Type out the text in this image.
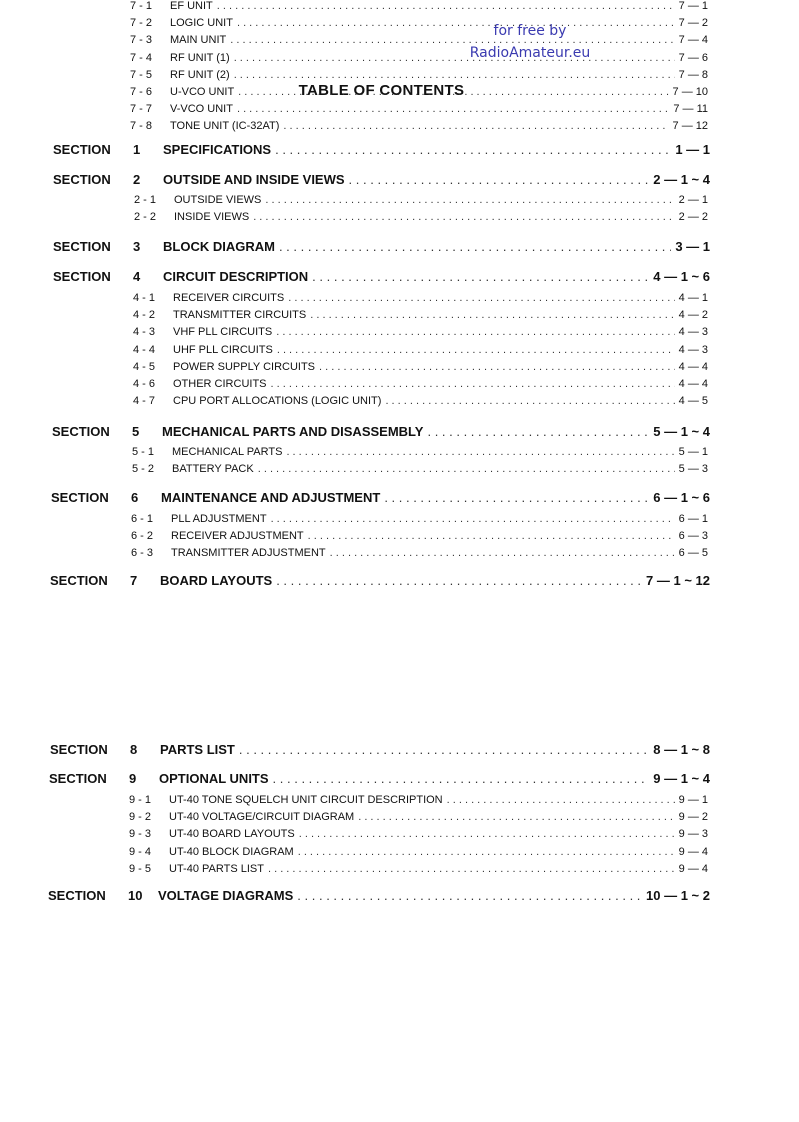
for free by
RadioAmateur.eu
TABLE OF CONTENTS
SECTION	1	SPECIFICATIONS . . .	1 — 1
SECTION	2	OUTSIDE AND INSIDE VIEWS . . .	2 — 1 ~ 4
2 - 1	OUTSIDE VIEWS . . .	2 — 1
2 - 2	INSIDE VIEWS . . .	2 — 2
SECTION	3	BLOCK DIAGRAM . . .	3 — 1
SECTION	4	CIRCUIT DESCRIPTION . . .	4 — 1 ~ 6
4 - 1	RECEIVER CIRCUITS . . .	4 — 1
4 - 2	TRANSMITTER CIRCUITS . . .	4 — 2
4 - 3	VHF PLL CIRCUITS . . .	4 — 3
4 - 4	UHF PLL CIRCUITS . . .	4 — 3
4 - 5	POWER SUPPLY CIRCUITS . . .	4 — 4
4 - 6	OTHER CIRCUITS . . .	4 — 4
4 - 7	CPU PORT ALLOCATIONS (LOGIC UNIT) . . .	4 — 5
SECTION	5	MECHANICAL PARTS AND DISASSEMBLY . . .	5 — 1 ~ 4
5 - 1	MECHANICAL PARTS . . .	5 — 1
5 - 2	BATTERY PACK . . .	5 — 3
SECTION	6	MAINTENANCE AND ADJUSTMENT . . .	6 — 1 ~ 6
6 - 1	PLL ADJUSTMENT . . .	6 — 1
6 - 2	RECEIVER ADJUSTMENT . . .	6 — 3
6 - 3	TRANSMITTER ADJUSTMENT . . .	6 — 5
SECTION	7	BOARD LAYOUTS . . .	7 — 1 ~ 12
7 - 1	EF UNIT . . .	7 — 1
7 - 2	LOGIC UNIT . . .	7 — 2
7 - 3	MAIN UNIT . . .	7 — 4
7 - 4	RF UNIT (1) . . .	7 — 6
7 - 5	RF UNIT (2) . . .	7 — 8
7 - 6	U-VCO UNIT . . .	7 — 10
7 - 7	V-VCO UNIT . . .	7 — 11
7 - 8	TONE UNIT (IC-32AT) . . .	7 — 12
SECTION	8	PARTS LIST . . .	8 — 1 ~ 8
SECTION	9	OPTIONAL UNITS . . .	9 — 1 ~ 4
9 - 1	UT-40 TONE SQUELCH UNIT CIRCUIT DESCRIPTION . . .	9 — 1
9 - 2	UT-40 VOLTAGE/CIRCUIT DIAGRAM . . .	9 — 2
9 - 3	UT-40 BOARD LAYOUTS . . .	9 — 3
9 - 4	UT-40 BLOCK DIAGRAM . . .	9 — 4
9 - 5	UT-40 PARTS LIST . . .	9 — 4
SECTION	10	VOLTAGE DIAGRAMS . . .	10 — 1 ~ 2
